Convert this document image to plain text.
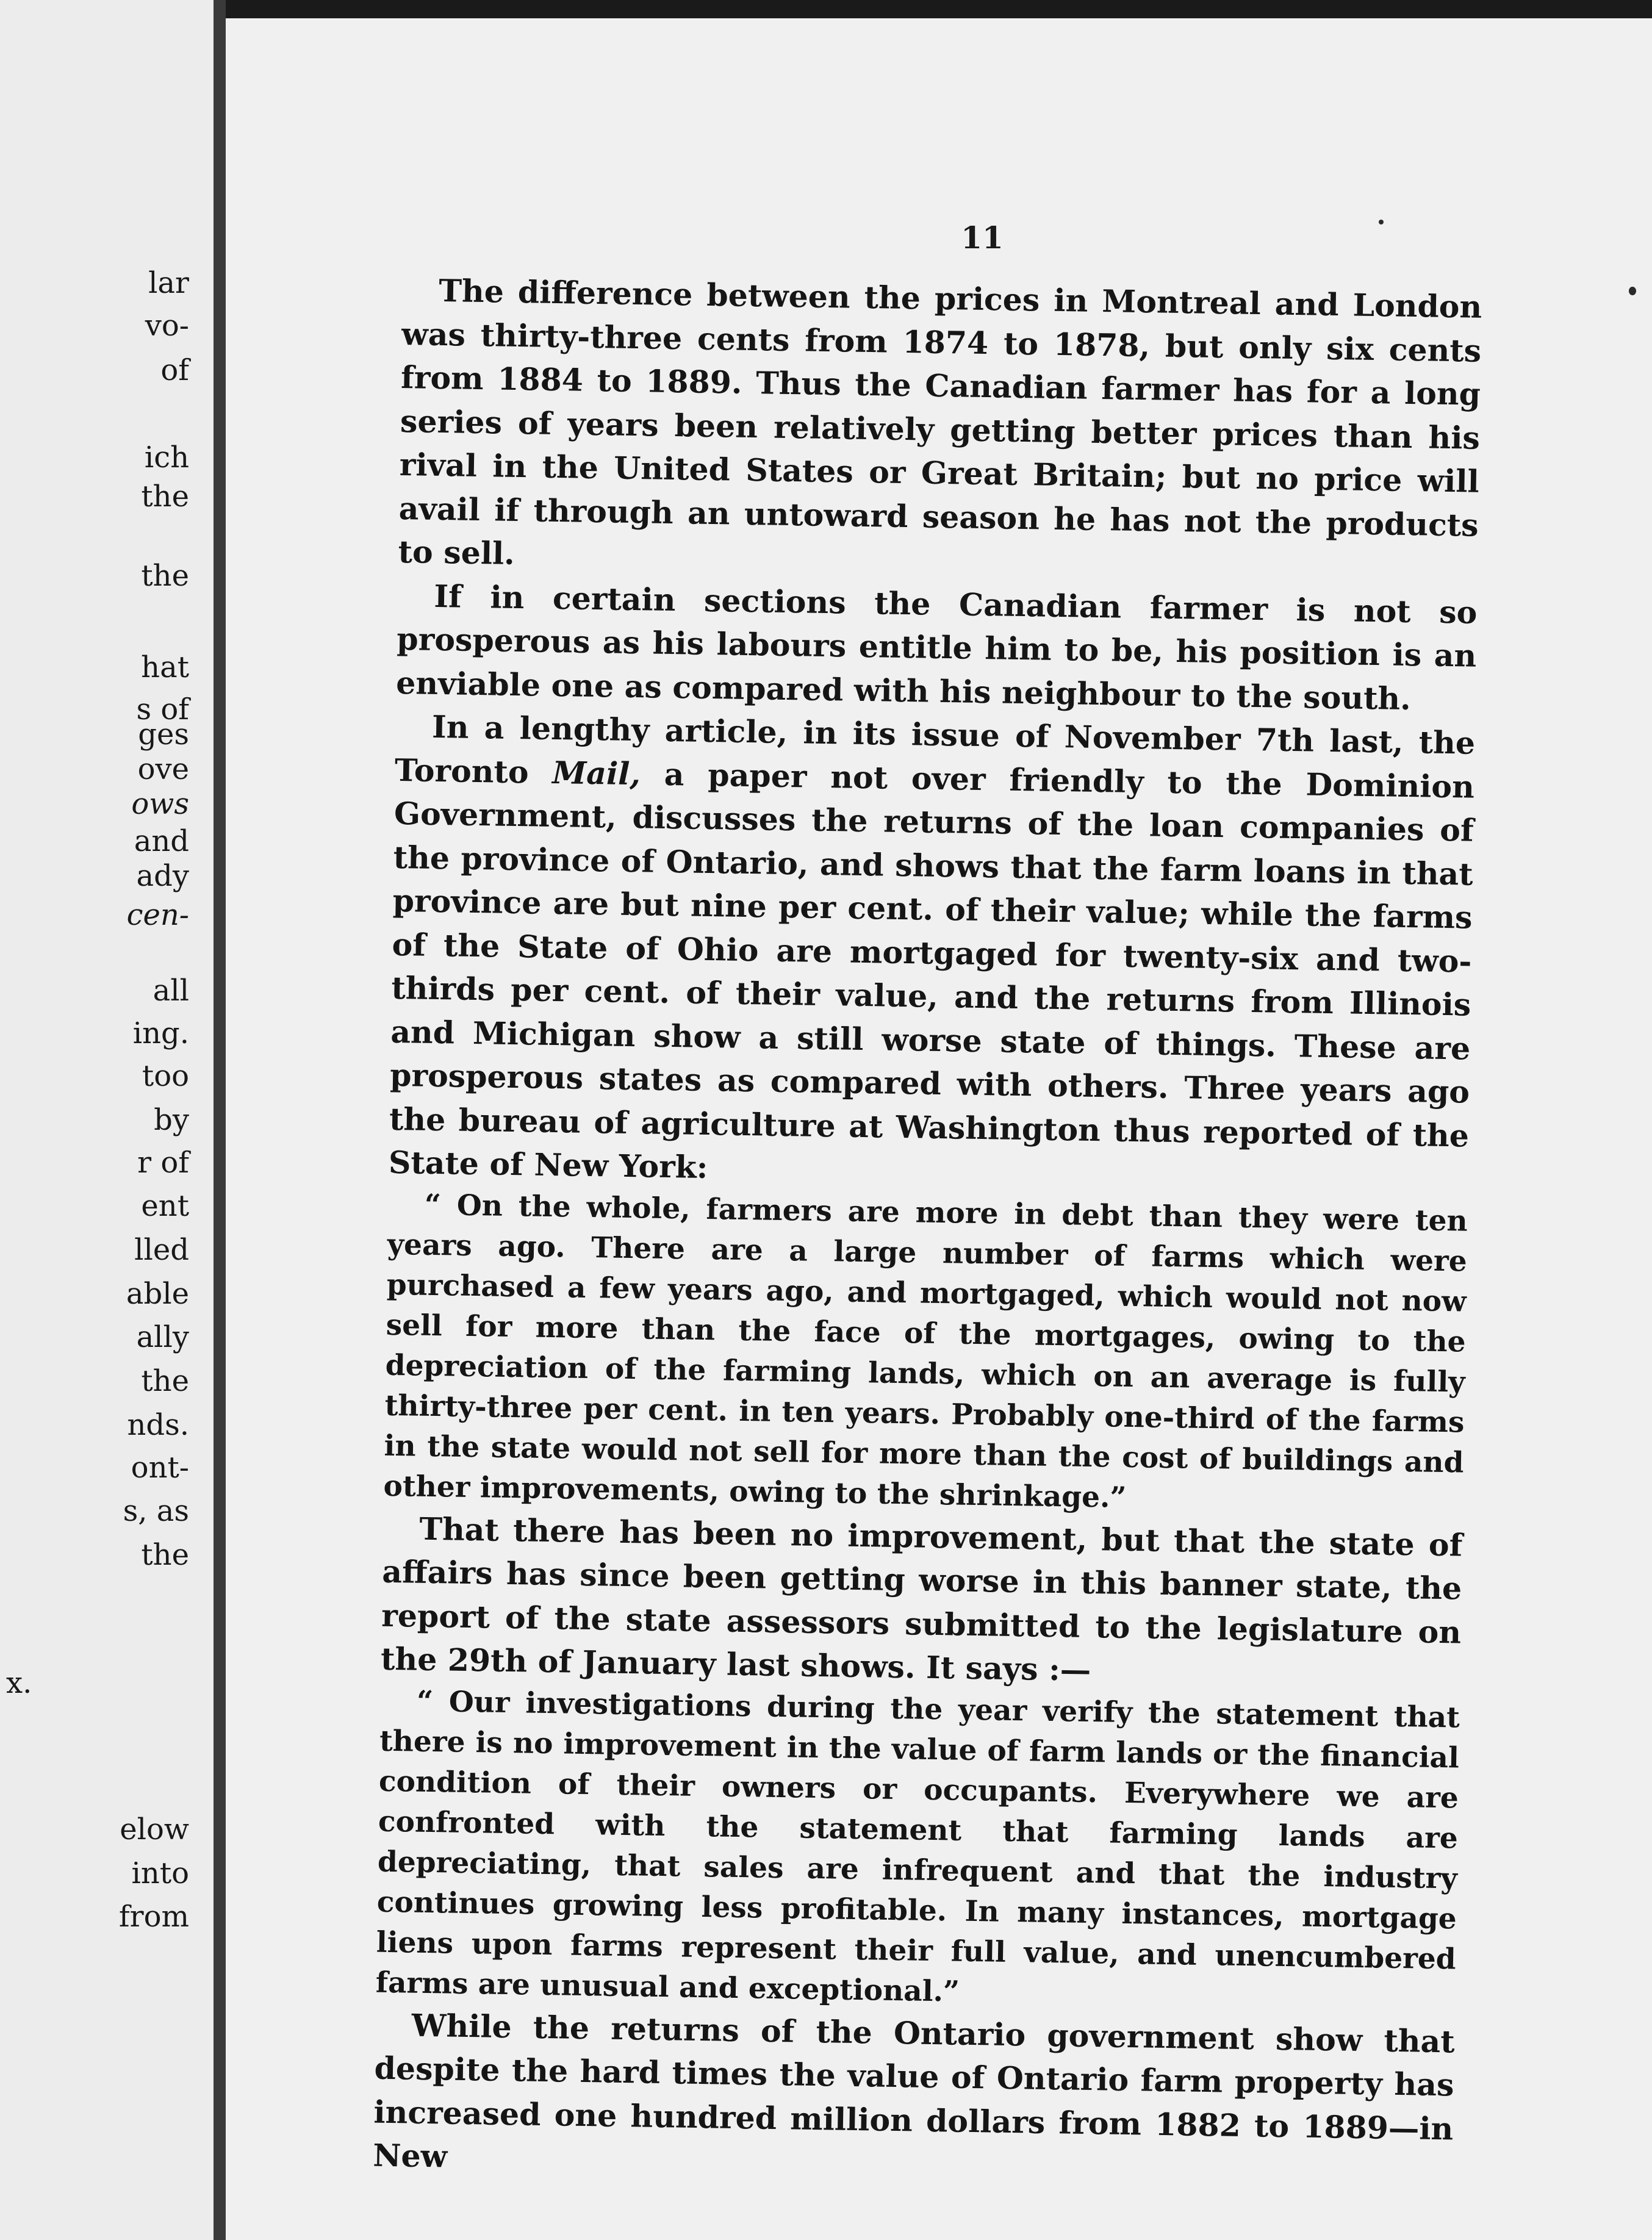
lar
vo-
of
ich
the
the
hat
s of
ges
ove
ows
and
ady
cen-
all
ing.
too
by
r of
ent
lled
able
ally
the
nds.
ont-
s, as
the
x.
elow
into
from
11

The difference between the prices in Montreal and London was thirty-three cents from 1874 to 1878, but only six cents from 1884 to 1889. Thus the Canadian farmer has for a long series of years been relatively getting better prices than his rival in the United States or Great Britain; but no price will avail if through an untoward season he has not the products to sell.

If in certain sections the Canadian farmer is not so prosperous as his labours entitle him to be, his position is an enviable one as compared with his neighbour to the south.

In a lengthy article, in its issue of November 7th last, the Toronto Mail, a paper not over friendly to the Dominion Government, discusses the returns of the loan companies of the province of Ontario, and shows that the farm loans in that province are but nine per cent. of their value; while the farms of the State of Ohio are mortgaged for twenty-six and two-thirds per cent. of their value, and the returns from Illinois and Michigan show a still worse state of things. These are prosperous states as compared with others. Three years ago the bureau of agriculture at Washington thus reported of the State of New York:

“ On the whole, farmers are more in debt than they were ten years ago. There are a large number of farms which were purchased a few years ago, and mortgaged, which would not now sell for more than the face of the mortgages, owing to the depreciation of the farming lands, which on an average is fully thirty-three per cent. in ten years. Probably one-third of the farms in the state would not sell for more than the cost of buildings and other improvements, owing to the shrinkage.”

That there has been no improvement, but that the state of affairs has since been getting worse in this banner state, the report of the state assessors submitted to the legislature on the 29th of January last shows. It says :—

“ Our investigations during the year verify the statement that there is no improvement in the value of farm lands or the financial condition of their owners or occupants. Everywhere we are confronted with the statement that farming lands are depreciating, that sales are infrequent and that the industry continues growing less profitable. In many instances, mortgage liens upon farms represent their full value, and unencumbered farms are unusual and exceptional.”

While the returns of the Ontario government show that despite the hard times the value of Ontario farm property has increased one hundred million dollars from 1882 to 1889—in New
